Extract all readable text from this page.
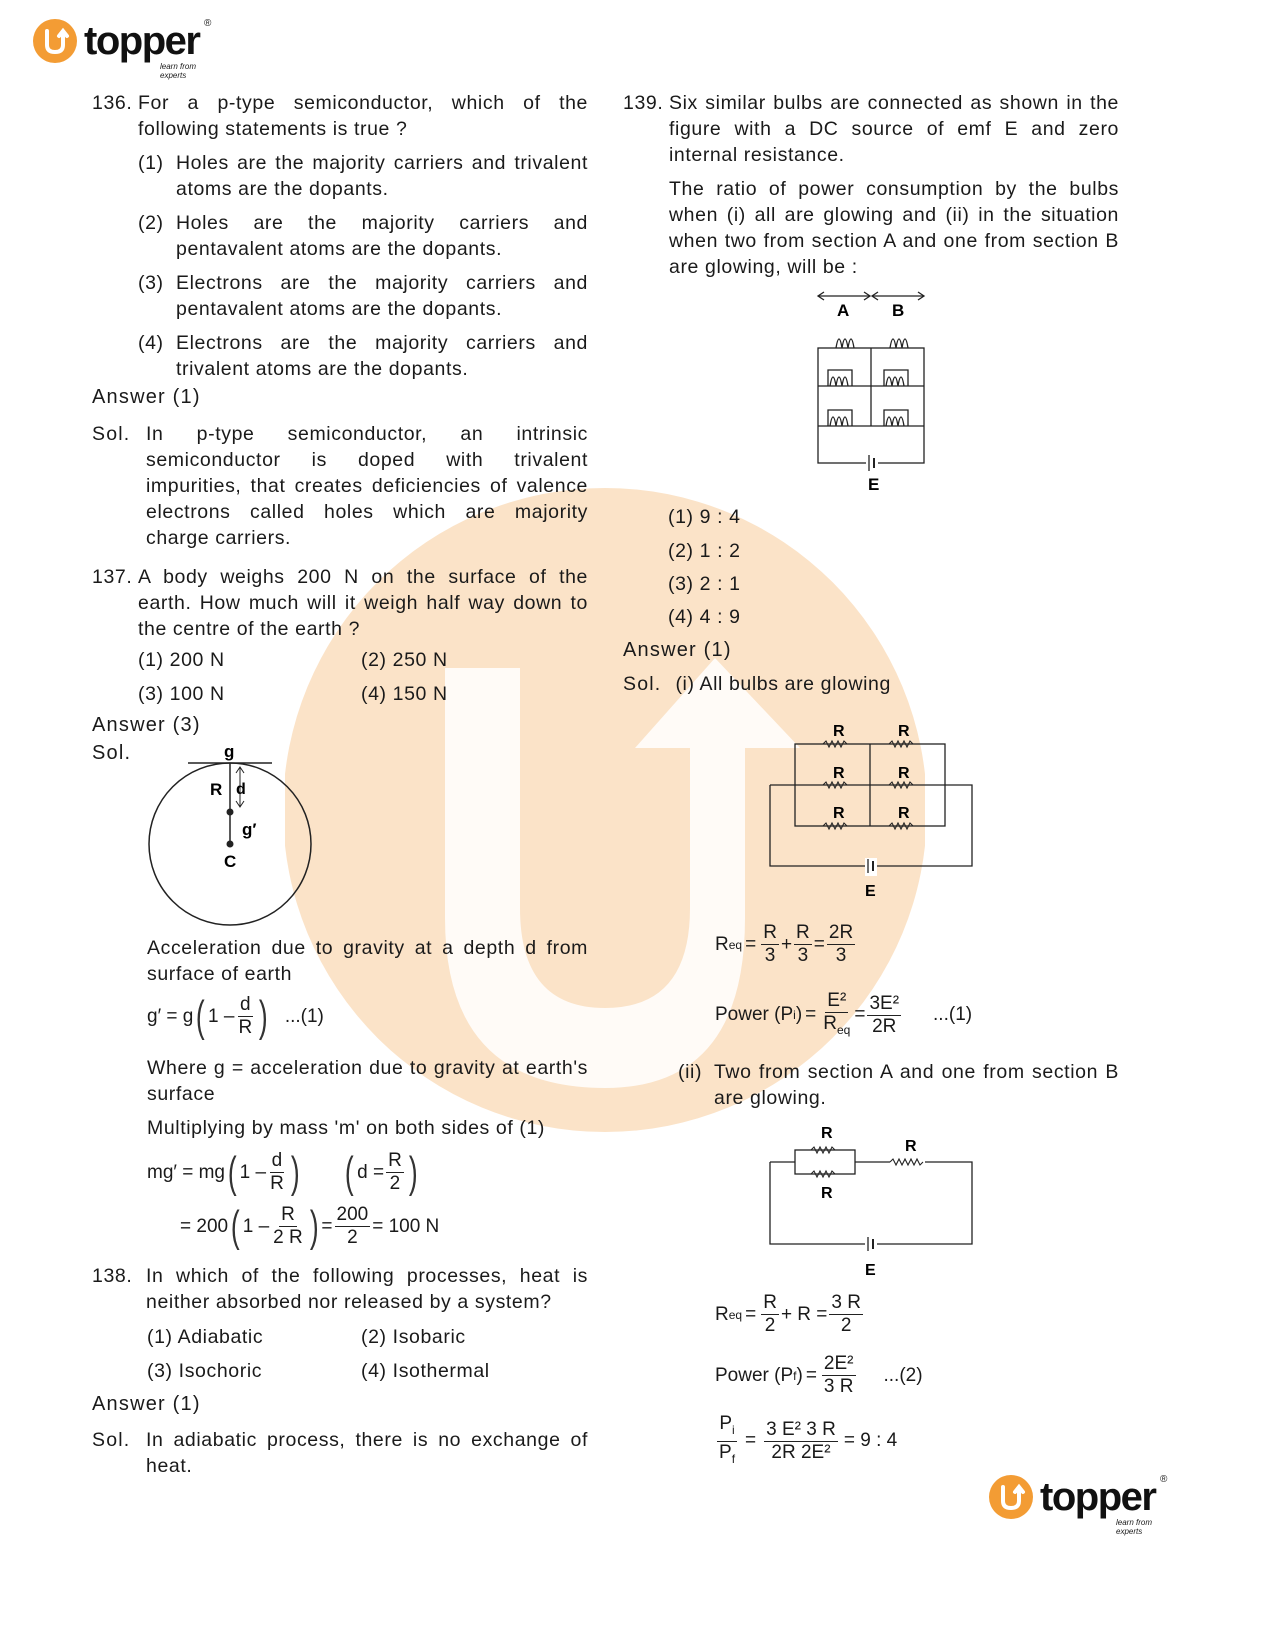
topper ®
learn from experts
136. For a p-type semiconductor, which of the following statements is true ?
(1) Holes are the majority carriers and trivalent atoms are the dopants.
(2) Holes are the majority carriers and pentavalent atoms are the dopants.
(3) Electrons are the majority carriers and pentavalent atoms are the dopants.
(4) Electrons are the majority carriers and trivalent atoms are the dopants.
Answer (1)
Sol. In p-type semiconductor, an intrinsic semiconductor is doped with trivalent impurities, that creates deficiencies of valence electrons called holes which are majority charge carriers.
137. A body weighs 200 N on the surface of the earth. How much will it weigh half way down to the centre of the earth ?
(1) 200 N	(2) 250 N
(3) 100 N	(4) 150 N
Answer (3)
Sol.	g
R d
g′
C
Acceleration due to gravity at a depth d from surface of earth
g′ = g ( $1 - \frac{d}{R}$ ) ...(1)
Where g = acceleration due to gravity at earth's surface
Multiplying by mass 'm' on both sides of (1)
mg′ = mg ( $1 - \frac{d}{R}$ ) ( $d = \frac{R}{2}$ )
= 200 ( $1 - \frac{R}{2 R}$ ) = $\frac{200}{2} = 100$ N
138. In which of the following processes, heat is neither absorbed nor released by a system?
(1) Adiabatic	(2) Isobaric
(3) Isochoric	(4) Isothermal
Answer (1)
Sol. In adiabatic process, there is no exchange of heat.
139. Six similar bulbs are connected as shown in the figure with a DC source of emf E and zero internal resistance.
The ratio of power consumption by the bulbs when (i) all are glowing and (ii) in the situation when two from section A and one from section B are glowing, will be :
A	B
E
(1) 9 : 4
(2) 1 : 2
(3) 2 : 1
(4) 4 : 9
Answer (1)
Sol. (i) All bulbs are glowing
R	R
R	R
R	R
E
R eq = $\frac{R}{3} + \frac{R}{3} = \frac{2R}{3}$
Power (P i ) = $\frac{\text{E²}}{R_{eq}} = \frac{\text{3E²}}{2R} ...(1)$
(ii) Two from section A and one from section B are glowing.
R
R
R
E
R eq = $\frac{R}{2} + R = \frac{3 R}{2}$
Power (P f ) = $\frac{\text{2E²}}{3 R} ...(2)$
$\frac{P_i}{P_f} = \frac{\text{3 E² 3 R}}{\text{2R 2E²}} = 9$ : 4
topper ®
learn from experts
